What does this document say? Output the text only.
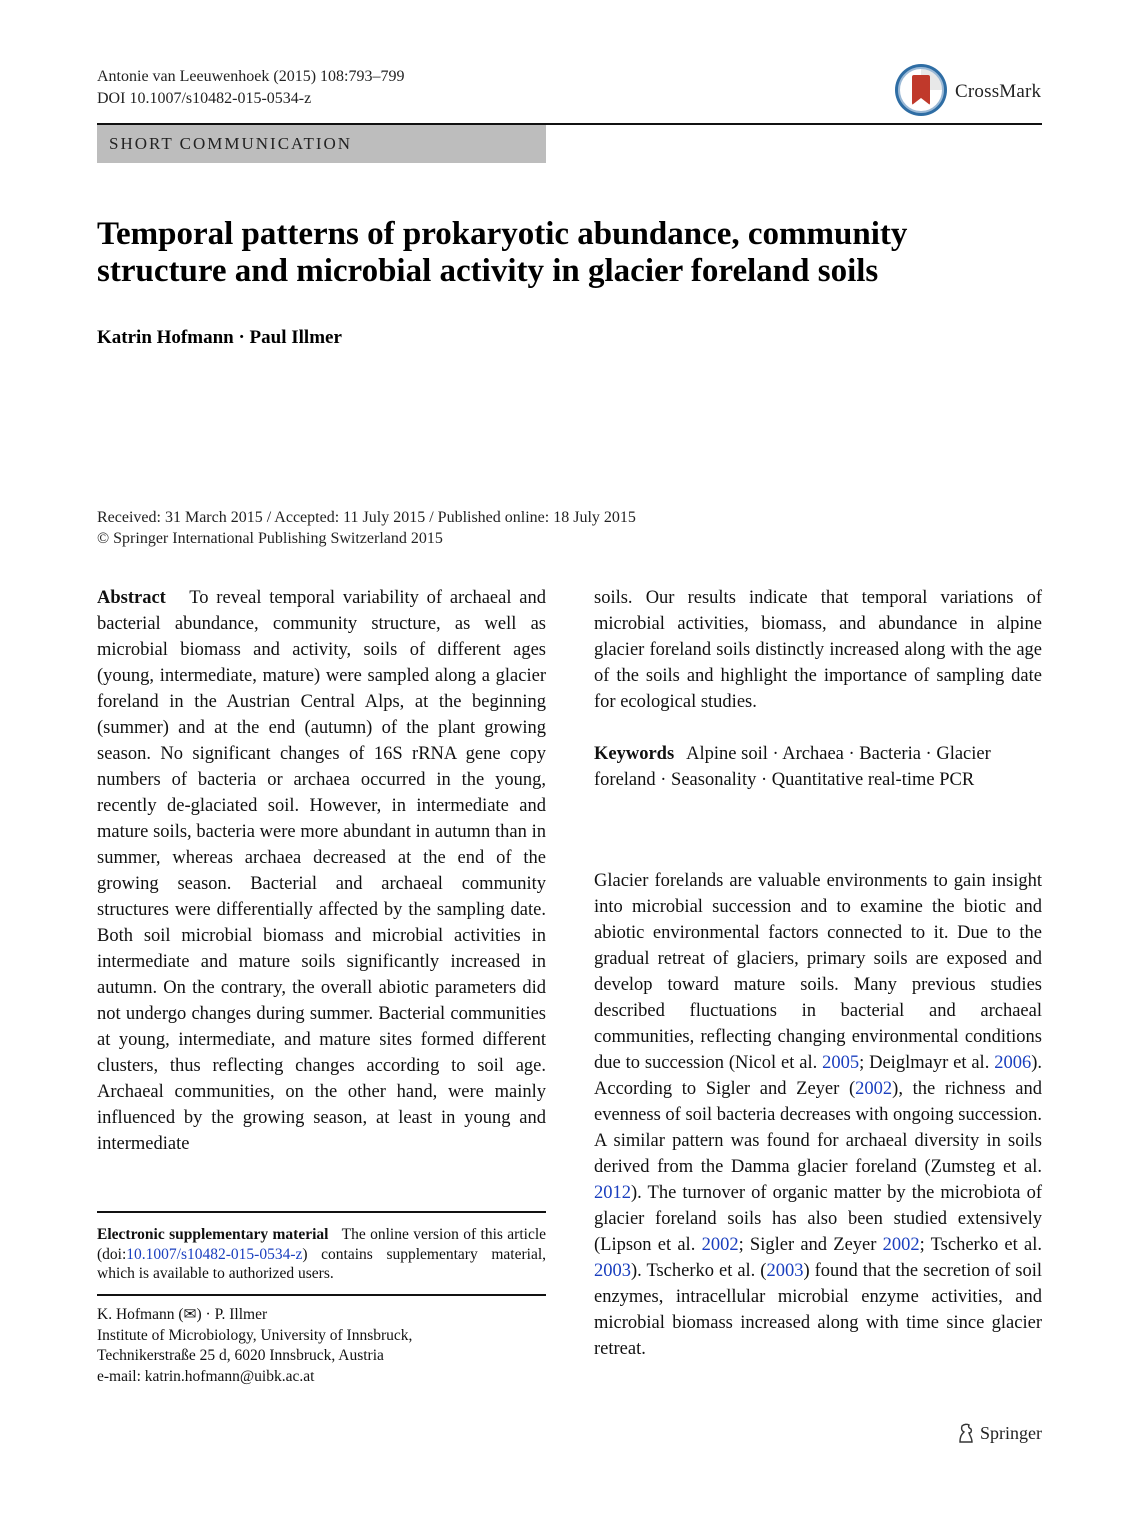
Antonie van Leeuwenhoek (2015) 108:793–799
DOI 10.1007/s10482-015-0534-z	CrossMark
SHORT COMMUNICATION
Temporal patterns of prokaryotic abundance, community structure and microbial activity in glacier foreland soils
Katrin Hofmann · Paul Illmer
Received: 31 March 2015 / Accepted: 11 July 2015 / Published online: 18 July 2015
© Springer International Publishing Switzerland 2015
Abstract To reveal temporal variability of archaeal and bacterial abundance, community structure, as well as microbial biomass and activity, soils of different ages (young, intermediate, mature) were sampled along a glacier foreland in the Austrian Central Alps, at the beginning (summer) and at the end (autumn) of the plant growing season. No significant changes of 16S rRNA gene copy numbers of bacteria or archaea occurred in the young, recently de-glaciated soil. However, in intermediate and mature soils, bacteria were more abundant in autumn than in summer, whereas archaea decreased at the end of the growing season. Bacterial and archaeal community structures were differentially affected by the sampling date. Both soil microbial biomass and microbial activities in intermediate and mature soils significantly increased in autumn. On the contrary, the overall abiotic parameters did not undergo changes during summer. Bacterial communities at young, intermediate, and mature sites formed different clusters, thus reflecting changes according to soil age. Archaeal communities, on the other hand, were mainly influenced by the growing season, at least in young and intermediate
soils. Our results indicate that temporal variations of microbial activities, biomass, and abundance in alpine glacier foreland soils distinctly increased along with the age of the soils and highlight the importance of sampling date for ecological studies.
Keywords Alpine soil · Archaea · Bacteria · Glacier foreland · Seasonality · Quantitative real-time PCR
Glacier forelands are valuable environments to gain insight into microbial succession and to examine the biotic and abiotic environmental factors connected to it. Due to the gradual retreat of glaciers, primary soils are exposed and develop toward mature soils. Many previous studies described fluctuations in bacterial and archaeal communities, reflecting changing environmental conditions due to succession (Nicol et al. 2005; Deiglmayr et al. 2006). According to Sigler and Zeyer (2002), the richness and evenness of soil bacteria decreases with ongoing succession. A similar pattern was found for archaeal diversity in soils derived from the Damma glacier foreland (Zumsteg et al. 2012). The turnover of organic matter by the microbiota of glacier foreland soils has also been studied extensively (Lipson et al. 2002; Sigler and Zeyer 2002; Tscherko et al. 2003). Tscherko et al. (2003) found that the secretion of soil enzymes, intracellular microbial enzyme activities, and microbial biomass increased along with time since glacier retreat.
Electronic supplementary material The online version of this article (doi:10.1007/s10482-015-0534-z) contains supplementary material, which is available to authorized users.
K. Hofmann (✉) · P. Illmer
Institute of Microbiology, University of Innsbruck,
Technikerstraße 25 d, 6020 Innsbruck, Austria
e-mail: katrin.hofmann@uibk.ac.at
Springer
